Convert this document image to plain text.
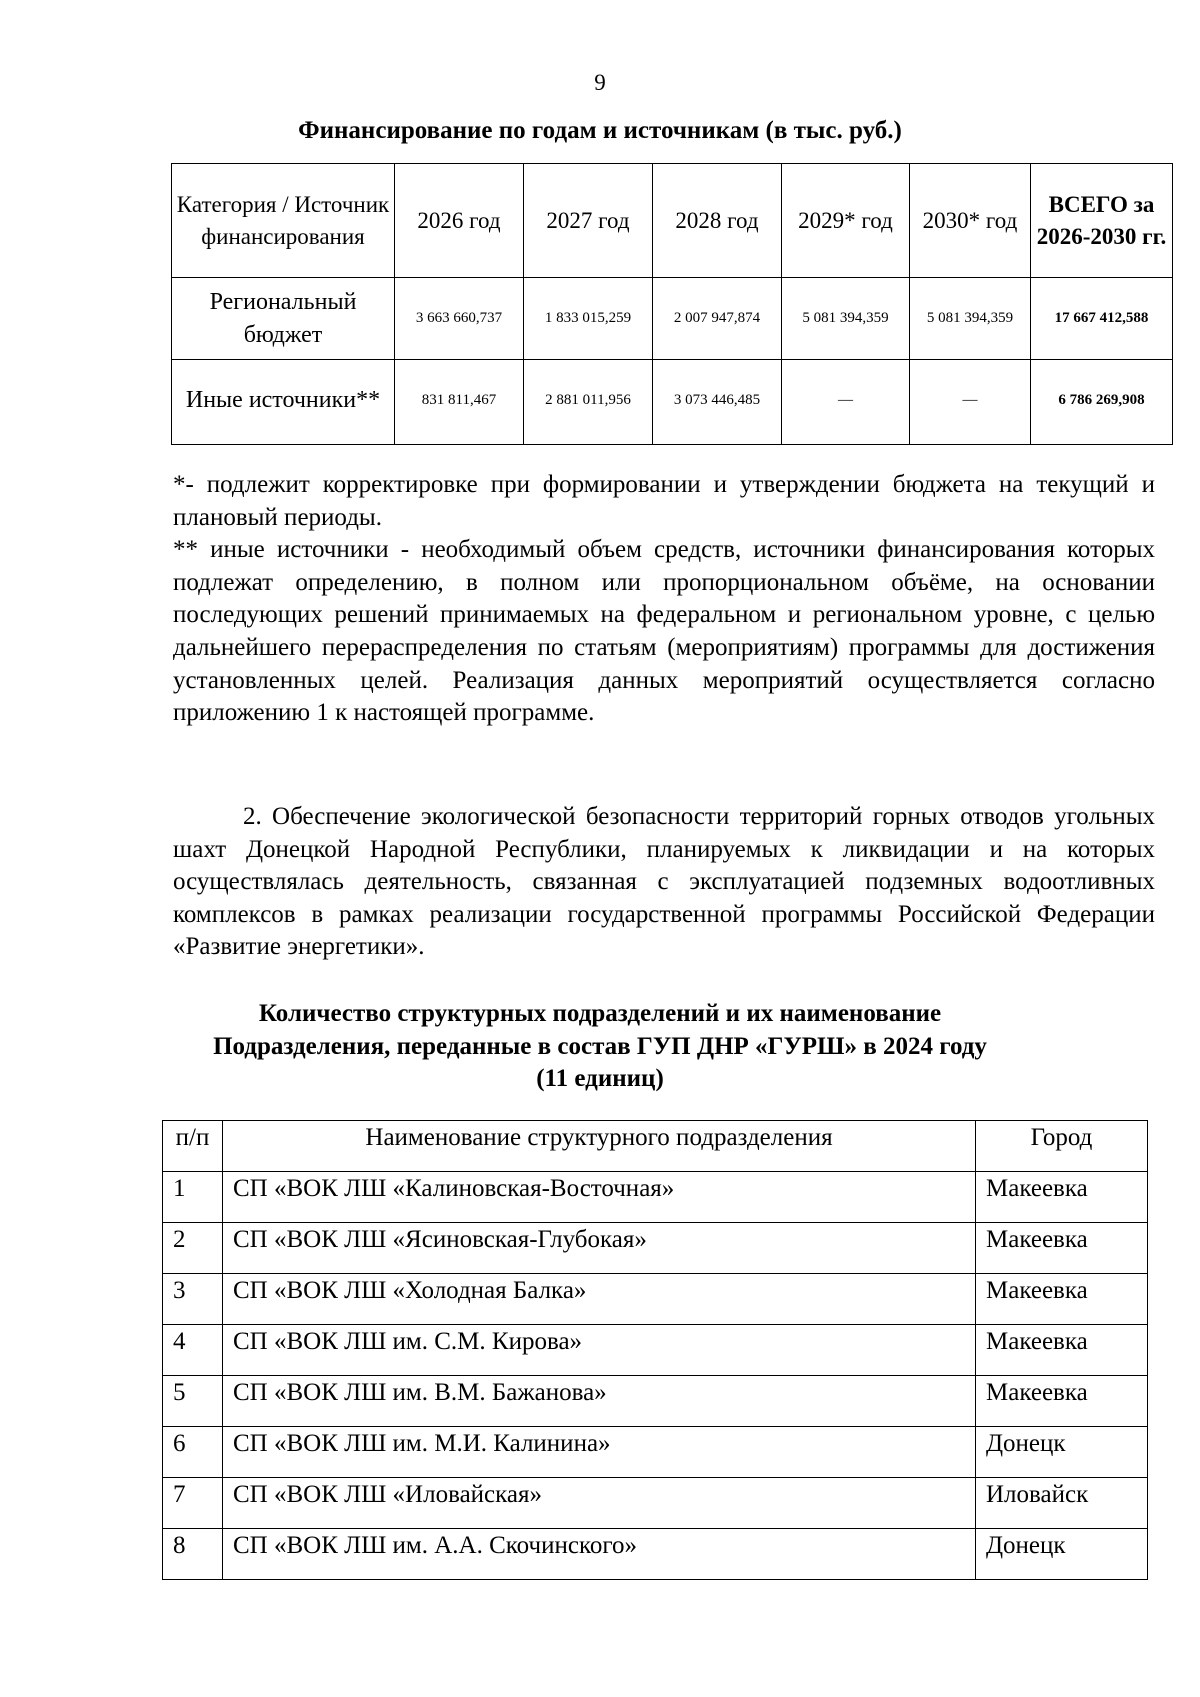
9
Финансирование по годам и источникам (в тыс. руб.)
Категория / Источник финансирования	2026 год	2027 год	2028 год	2029* год	2030* год	ВСЕГО за 2026-2030 гг.
Региональный бюджет	3 663 660,737	1 833 015,259	2 007 947,874	5 081 394,359	5 081 394,359	17 667 412,588
Иные источники**	831 811,467	2 881 011,956	3 073 446,485	—	—	6 786 269,908

*- подлежит корректировке при формировании и утверждении бюджета на текущий и плановый периоды.

** иные источники - необходимый объем средств, источники финансирования которых подлежат определению, в полном или пропорциональном объёме, на основании последующих решений принимаемых на федеральном и региональном уровне, с целью дальнейшего перераспределения по статьям (мероприятиям) программы для достижения установленных целей. Реализация данных мероприятий осуществляется согласно приложению 1 к настоящей программе.

2. Обеспечение экологической безопасности территорий горных отводов угольных шахт Донецкой Народной Республики, планируемых к ликвидации и на которых осуществлялась деятельность, связанная с эксплуатацией подземных водоотливных комплексов в рамках реализации государственной программы Российской Федерации «Развитие энергетики».

Количество структурных подразделений и их наименование
Подразделения, переданные в состав ГУП ДНР «ГУРШ» в 2024 году
(11 единиц)
п/п	Наименование структурного подразделения	Город
1	СП «ВОК ЛШ «Калиновская-Восточная»	Макеевка
2	СП «ВОК ЛШ «Ясиновская-Глубокая»	Макеевка
3	СП «ВОК ЛШ «Холодная Балка»	Макеевка
4	СП «ВОК ЛШ им. С.М. Кирова»	Макеевка
5	СП «ВОК ЛШ им. В.М. Бажанова»	Макеевка
6	СП «ВОК ЛШ им. М.И. Калинина»	Донецк
7	СП «ВОК ЛШ «Иловайская»	Иловайск
8	СП «ВОК ЛШ им. А.А. Скочинского»	Донецк
